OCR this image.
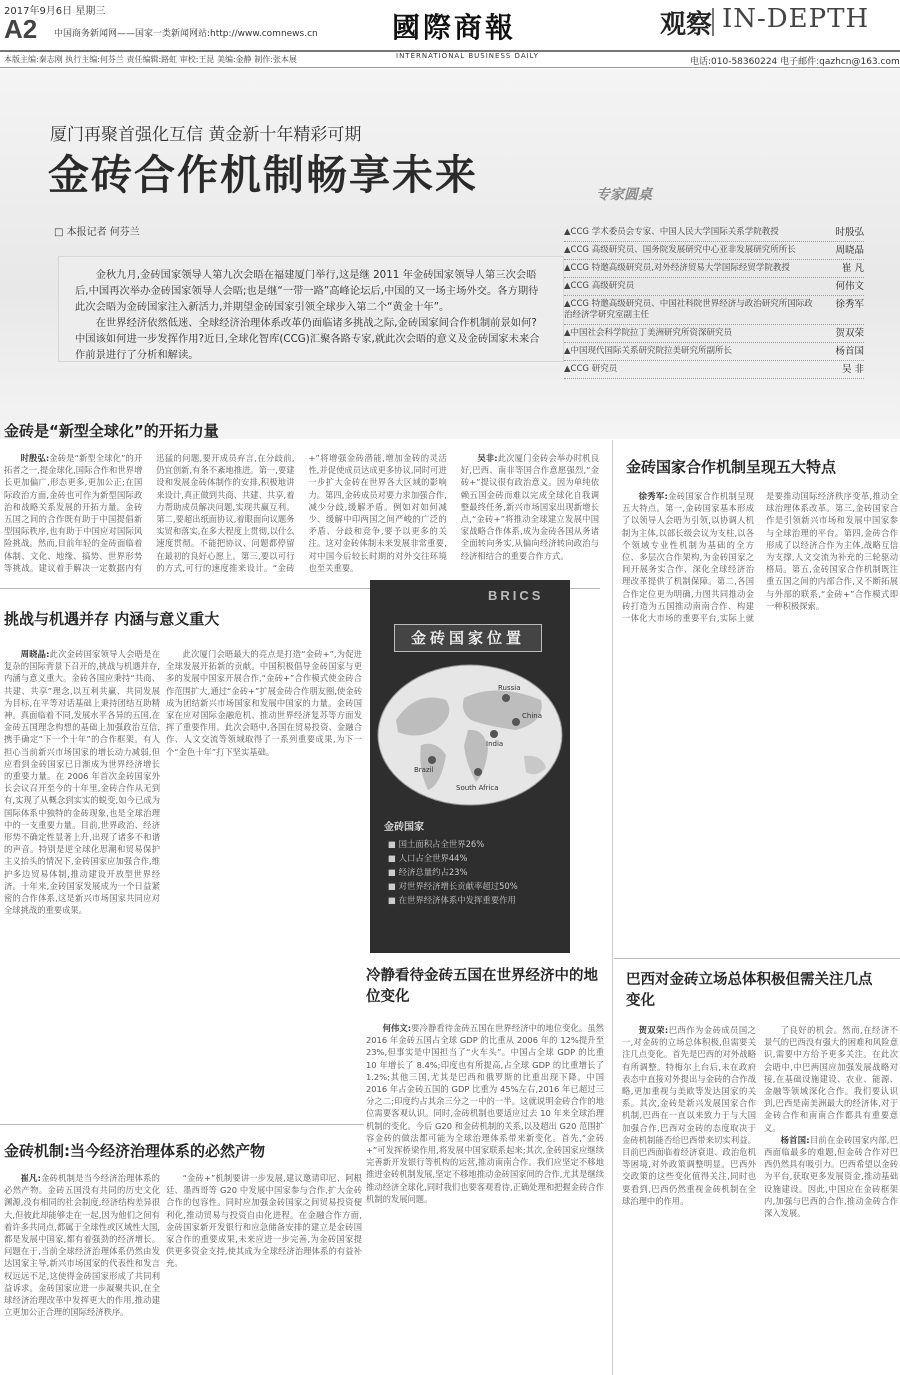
2017年9月6日 星期三
A2 中国商务新闻网——国家一类新闻网站:http://www.comnews.cn	國際商報
INTERNATIONAL BUSINESS DAILY
观察 IN-DEPTH
本版主编:秦志刚 执行主编:何芬兰 责任编辑:路虹 审校:王昆 美编:金静 制作:张本展	电话:010-58360224 电子邮件:qazhcn@163.com
厦门再聚首强化互信 黄金新十年精彩可期
金砖合作机制畅享未来
□ 本报记者 何芬兰

金秋九月,金砖国家领导人第九次会晤在福建厦门举行,这是继 2011 年金砖国家领导人第三次会晤后,中国再次举办金砖国家领导人会晤;也是继“一带一路”高峰论坛后,中国的又一场主场外交。各方期待此次会晤为金砖国家注入新活力,并期望金砖国家引领全球步入第二个“黄金十年”。

在世界经济依然低迷、全球经济治理体系改革仍面临诸多挑战之际,金砖国家间合作机制前景如何?中国该如何进一步发挥作用?近日,全球化智库(CCG)汇聚各路专家,就此次会晤的意义及金砖国家未来合作前景进行了分析和解读。

专家圆桌
▲CCG 学术委员会专家、中国人民大学国际关系学院教授	时殷弘
▲CCG 高级研究员、国务院发展研究中心亚非发展研究所所长	周晓晶
▲CCG 特邀高级研究员,对外经济贸易大学国际经贸学院教授	崔 凡
▲CCG 高级研究员	何伟文
▲CCG 特邀高级研究员、中国社科院世界经济与政治研究所国际政治经济学研究室副主任
徐秀军
▲中国社会科学院拉丁美洲研究所资深研究员	贺双荣
▲中国现代国际关系研究院拉美研究所副所长	杨首国
▲CCG 研究员	吴 非
金砖是“新型全球化”的开拓力量

时殷弘:金砖是“新型全球化”的开拓者之一,提金球化,国际合作和世界增长更加偏广,形态更多,更加公正;在国际政治方面,金砖也可作为新型国际政治和战略关系发展的开拓力量。金砖五国之间的合作既有助于中国提倡新型国际秩序,也有助于中国应对国际风险挑战。然而,目前年轻的金砖面临着体制、文化、地缘、搞势、世界形势等挑战。建议着手解决一定数据内有迅猛的问题,要开成员弃言,在分歧前,仍宜创新,有条不紊地推进。第一,要建设和发展金砖体制作的安排,积极地讲来设计,真正做到共商、共建、共享,着力帮助成员解决问题,实现共赢互利。第二,要超出纸面协议,着眼面向议题务实贸和落实,在多大程度上贯彻,以什么速度贯彻。不能把协议、问题都停留在最初的良好心愿上。第三,要以可行的方式,可行的速度推来设计。“金砖+”将增强金砖潜能,增加金砖的灵活性,并促使成员达成更多协议,同时可进一步扩大金砖在世界各大区域的影响力。第四,金砖成员对要力求加强合作,减少分歧,缓解矛盾。例如对如何减少、缓解中印两国之间严峻的广泛的矛盾、分歧和竞争,要予以更多的关注。这对金砖体制未来发展非常重要,对中国今后较长时期的对外交往环境也至关重要。

吴非:此次厦门金砖会举办时机良好,巴西、南非等国合作意愿强烈,“金砖+”提议很有政治意义。因为单纯依赖五国金砖而难以完成全球化自我调整最终任务,新兴市场国家出现新增长点,“金砖+”将推动全球建立发展中国家战略合作体系,成为金砖各国从务诸全面转向务实,从偏向经济转向政治与经济相结合的重要合作方式。

金砖国家合作机制呈现五大特点

徐秀军:金砖国家合作机制呈现五大特点。第一,金砖国家基本形成了以领导人会晤为引领,以协调人机制为主体,以部长级会议为支柱,以各个领域专业性机制为基础的全方位、多层次合作架构,为金砖国家之间开展务实合作、深化全球经济治理改革提供了机制保障。第二,各国合作定位更为明确,力图共同推动金砖打造为五国推动南南合作、构建一体化大市场的重要平台,实际上就是要推动国际经济秩序变革,推动全球治理体系改革。第三,金砖国家合作是引领新兴市场和发展中国家参与全球治理的平台。第四,金砖合作形成了以经济合作为主体,战略互信为支撑,人文交流为补充的三轮驱动格局。第五,金砖国家合作机制既注重五国之间的内部合作,又不断拓展与外部的联系,“金砖+”合作模式即一种积极探索。

挑战与机遇并存 内涵与意义重大

周晓晶:此次金砖国家领导人会晤是在复杂的国际背景下召开的,挑战与机遇并存,内涵与意义重大。金砖各国应秉持“共商、共建、共享”理念,以互利共赢、共同发展为目标,在平等对话基础上秉持团结互助精神。真面临着不同,发展水平各异的五国,在金砖五国理念构想的基础上加强政治互信,携手确定“下一个十年”的合作框架。有人担心当前新兴市场国家的增长动力减弱,但应看到金砖国家已日渐成为世界经济增长的重要力量。在 2006 年首次金砖国家外长会议召开至今的十年里,金砖合作从无到有,实现了从概念到实实的蜕变,如今已成为国际体系中独特的金砖现象,也是全球治理中的一支重要力量。目前,世界政治、经济形势不确定性显著上升,出现了诸多不和谐的声音。特别是逆全球化思潮和贸易保护主义抬头的情况下,金砖国家应加强合作,维护多边贸易体制,推动建设开放型世界经济。十年来,金砖国家发展成为一个日益紧密的合作体系,这是新兴市场国家共同应对全球挑战的重要成果。

此次厦门会晤最大的亮点是打造“金砖+”,为促进全球发展开拓新的贡献。中国积极倡导金砖国家与更多的发展中国家开展合作,“金砖+”合作模式使金砖合作范围扩大,通过“金砖+”扩展金砖合作朋友圈,使金砖成为团结新兴市场国家和发展中国家的力量。金砖国家在应对国际金融危机、推动世界经济复苏等方面发挥了重要作用。此次会晤中,各国在贸易投资、金融合作、人文交流等领域取得了一系列重要成果,为下一个“金色十年”打下坚实基础。

BRICS
金砖国家位置
Russia
China
India
Brazil
South Africa
金砖国家
■ 国土面积占全世界26%
■ 人口占全世界44%
■ 经济总量约占23%
■ 对世界经济增长贡献率超过50%
■ 在世界经济体系中发挥重要作用
金砖机制:当今经济治理体系的必然产物

崔凡:金砖机制是当今经济治理体系的必然产物。金砖五国没有共同的历史文化渊源,没有相同的社会制度,经济结构差异很大,但彼此却能够走在一起,因为他们之间有着许多共同点,都属于全球性或区域性大国,都是发展中国家,都有着强劲的经济增长。问题在于,当前全球经济治理体系仍然由发达国家主导,新兴市场国家的代表性和发言权远远不足,这使得金砖国家形成了共同利益诉求。金砖国家应进一步凝聚共识,在全球经济治理改革中发挥更大的作用,推动建立更加公正合理的国际经济秩序。

“金砖+”机制要讲一步发展,建议邀请印尼、阿根廷、墨西哥等 G20 中发展中国家参与合作,扩大金砖合作的包容性。同时应加强金砖国家之间贸易投资便利化,推动贸易与投资自由化进程。在金融合作方面,金砖国家新开发银行和应急储备安排的建立是金砖国家合作的重要成果,未来应进一步完善,为金砖国家提供更多资金支持,使其成为全球经济治理体系的有益补充。

冷静看待金砖五国在世界经济中的地位变化

何伟文:要冷静看待金砖五国在世界经济中的地位变化。虽然 2016 年金砖五国占全球 GDP 的比重从 2006 年的 12%提升至 23%,但事实是中国担当了“火车头”。中国占全球 GDP 的比重 10 年增长了 8.4%;印度也有所提高,占全球 GDP 的比重增长了 1.2%;其他三国,尤其是巴西和俄罗斯的比重出现下降。中国 2016 年占金砖五国的 GDP 比重为 45%左右,2016 年已超过三分之二;印度约占其余三分之一中的一半。这就说明金砖合作的地位需要客观认识。同时,金砖机制也要适应过去 10 年来全球治理机制的变化。今后 G20 和金砖机制的关系,以及超出 G20 范围扩容金砖的做法都可能为全球治理体系带来新变化。首先,“金砖+”可发挥桥梁作用,将发展中国家联系起来;其次,金砖国家应继续完善新开发银行等机构的运营,推动南南合作。我们应坚定不移地推进金砖机制发展,坚定不移地推动金砖国家间的合作,尤其是继续推动经济全球化,同时我们也要客观看待,正确处理和把握金砖合作机制的发展问题。

巴西对金砖立场总体积极但需关注几点变化

贺双荣:巴西作为金砖成员国之一,对金砖的立场总体积极,但需要关注几点变化。首先是巴西的对外战略有所调整。特梅尔上台后,未在政府表态中直接对外提出与金砖的合作战略,更加重视与美欧等发达国家的关系。其次,金砖是新兴发展国家合作机制,巴西在一直以来致力于与大国加强合作,巴西对金砖的态度取决于金砖机制能否给巴西带来切实利益。目前巴西面临着经济衰退、政治危机等困境,对外政策调整明显。巴西外交政策的这些变化值得关注,同时也要看到,巴西仍然重视金砖机制在全球治理中的作用。

了良好的机会。然而,在经济不景气的巴西没有强大的困难和风险意识,需要中方给予更多关注。在此次会晤中,中巴两国应加强发展战略对接,在基础设施建设、农业、能源、金融等领域深化合作。我们要认识到,巴西是南美洲最大的经济体,对于金砖合作和南南合作都具有重要意义。

杨首国:目前在金砖国家内部,巴西面临最多的难题,但金砖合作对巴西仍然具有吸引力。巴西希望以金砖为平台,获取更多发展资金,推动基础设施建设。因此,中国应在金砖框架内,加强与巴西的合作,推动金砖合作深入发展。
